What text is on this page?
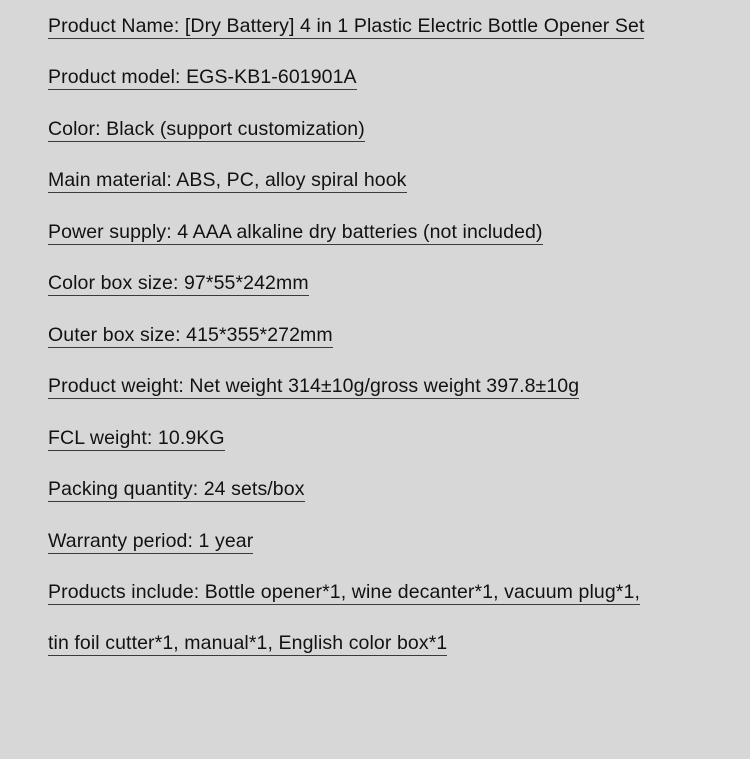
Product Name: [Dry Battery] 4 in 1 Plastic Electric Bottle Opener Set
Product model: EGS-KB1-601901A
Color: Black (support customization)
Main material: ABS, PC, alloy spiral hook
Power supply: 4 AAA alkaline dry batteries (not included)
Color box size: 97*55*242mm
Outer box size: 415*355*272mm
Product weight: Net weight 314±10g/gross weight 397.8±10g
FCL weight: 10.9KG
Packing quantity: 24 sets/box
Warranty period: 1 year
Products include: Bottle opener*1, wine decanter*1, vacuum plug*1,
tin foil cutter*1, manual*1, English color box*1
